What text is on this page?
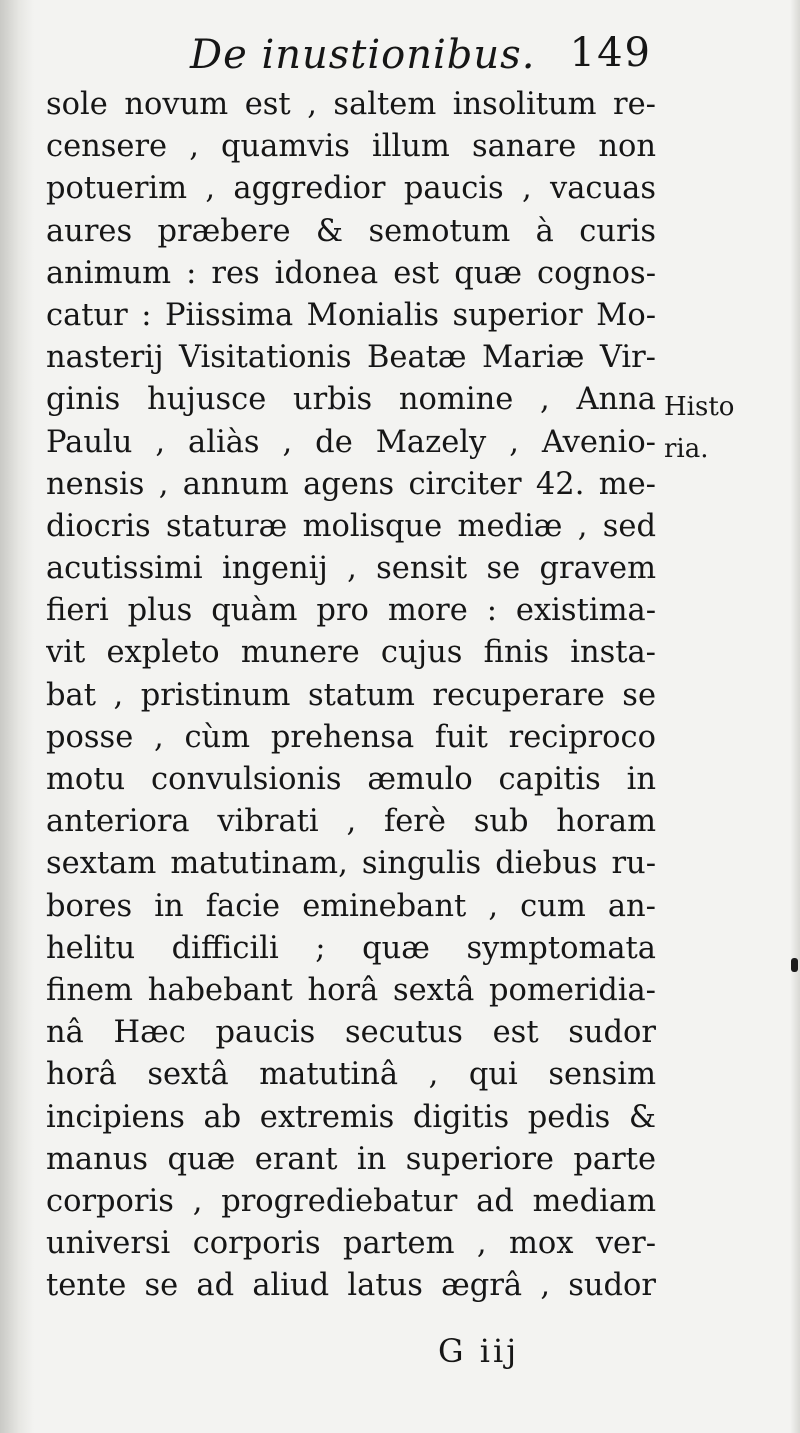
De inustionibus. 149
sole novum est , saltem insolitum re-
censere , quamvis illum sanare non
potuerim , aggredior paucis , vacuas
aures præbere & semotum à curis
animum : res idonea est quæ cognos-
catur : Piissima Monialis superior Mo-
nasterij Visitationis Beatæ Mariæ Vir-
ginis hujusce urbis nomine , Anna
Paulu , aliàs , de Mazely , Avenio-
nensis , annum agens circiter 42. me-
diocris staturæ molisque mediæ , sed
acutissimi ingenij , sensit se gravem
fieri plus quàm pro more : existima-
vit expleto munere cujus finis insta-
bat , pristinum statum recuperare se
posse , cùm prehensa fuit reciproco
motu convulsionis æmulo capitis in
anteriora vibrati , ferè sub horam
sextam matutinam, singulis diebus ru-
bores in facie eminebant , cum an-
helitu difficili ; quæ symptomata
finem habebant horâ sextâ pomeridia-
nâ Hæc paucis secutus est sudor
horâ sextâ matutinâ , qui sensim
incipiens ab extremis digitis pedis &
manus quæ erant in superiore parte
corporis , progrediebatur ad mediam
universi corporis partem , mox ver-
tente se ad aliud latus ægrâ , sudor
Histo
ria.
G iij
